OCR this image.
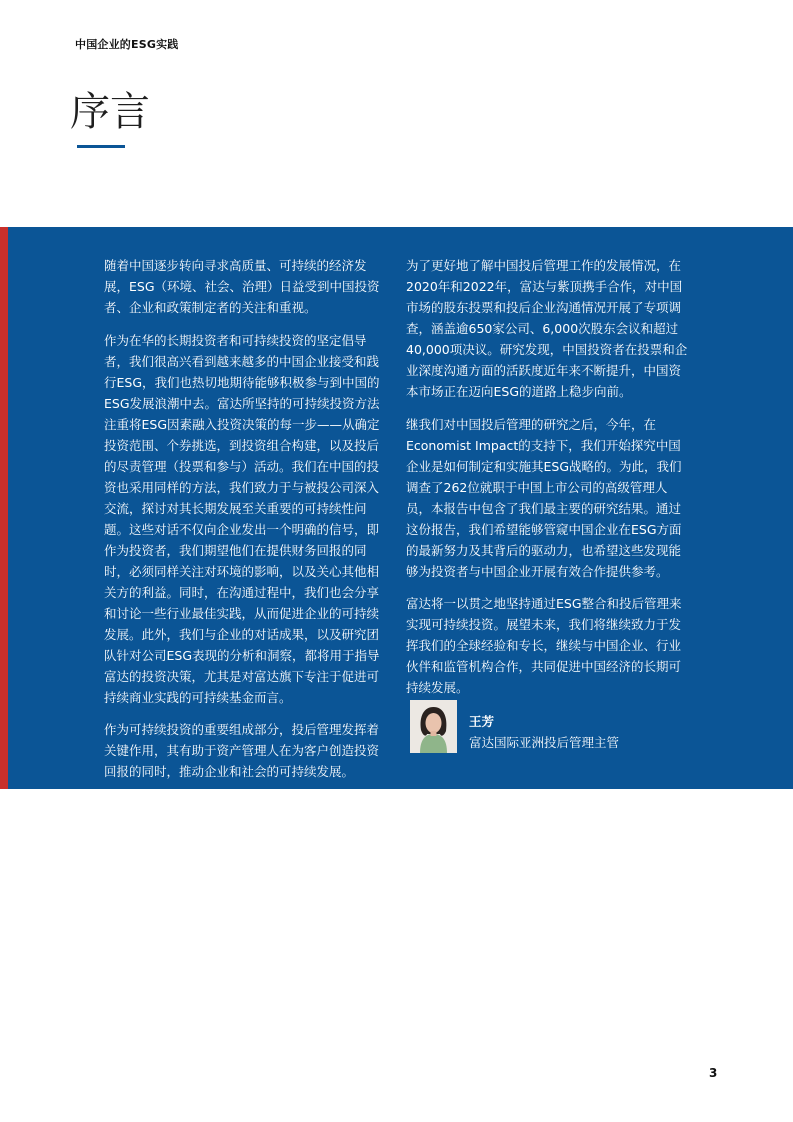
中国企业的ESG实践
序言

随着中国逐步转向寻求高质量、可持续的经济发展，ESG（环境、社会、治理）日益受到中国投资者、企业和政策制定者的关注和重视。

作为在华的长期投资者和可持续投资的坚定倡导者，我们很高兴看到越来越多的中国企业接受和践行ESG，我们也热切地期待能够积极参与到中国的ESG发展浪潮中去。富达所坚持的可持续投资方法注重将ESG因素融入投资决策的每一步——从确定投资范围、个券挑选，到投资组合构建，以及投后的尽责管理（投票和参与）活动。我们在中国的投资也采用同样的方法，我们致力于与被投公司深入交流，探讨对其长期发展至关重要的可持续性问题。这些对话不仅向企业发出一个明确的信号，即作为投资者，我们期望他们在提供财务回报的同时，必须同样关注对环境的影响，以及关心其他相关方的利益。同时，在沟通过程中，我们也会分享和讨论一些行业最佳实践，从而促进企业的可持续发展。此外，我们与企业的对话成果，以及研究团队针对公司ESG表现的分析和洞察，都将用于指导富达的投资决策，尤其是对富达旗下专注于促进可持续商业实践的可持续基金而言。

作为可持续投资的重要组成部分，投后管理发挥着关键作用，其有助于资产管理人在为客户创造投资回报的同时，推动企业和社会的可持续发展。

为了更好地了解中国投后管理工作的发展情况，在2020年和2022年，富达与紫顶携手合作，对中国市场的股东投票和投后企业沟通情况开展了专项调查，涵盖逾650家公司、6,000次股东会议和超过40,000项决议。研究发现，中国投资者在投票和企业深度沟通方面的活跃度近年来不断提升，中国资本市场正在迈向ESG的道路上稳步向前。

继我们对中国投后管理的研究之后，今年，在Economist Impact的支持下，我们开始探究中国企业是如何制定和实施其ESG战略的。为此，我们调查了262位就职于中国上市公司的高级管理人员，本报告中包含了我们最主要的研究结果。通过这份报告，我们希望能够管窥中国企业在ESG方面的最新努力及其背后的驱动力，也希望这些发现能够为投资者与中国企业开展有效合作提供参考。

富达将一以贯之地坚持通过ESG整合和投后管理来实现可持续投资。展望未来，我们将继续致力于发挥我们的全球经验和专长，继续与中国企业、行业伙伴和监管机构合作，共同促进中国经济的长期可持续发展。

王芳
富达国际亚洲投后管理主管
3
